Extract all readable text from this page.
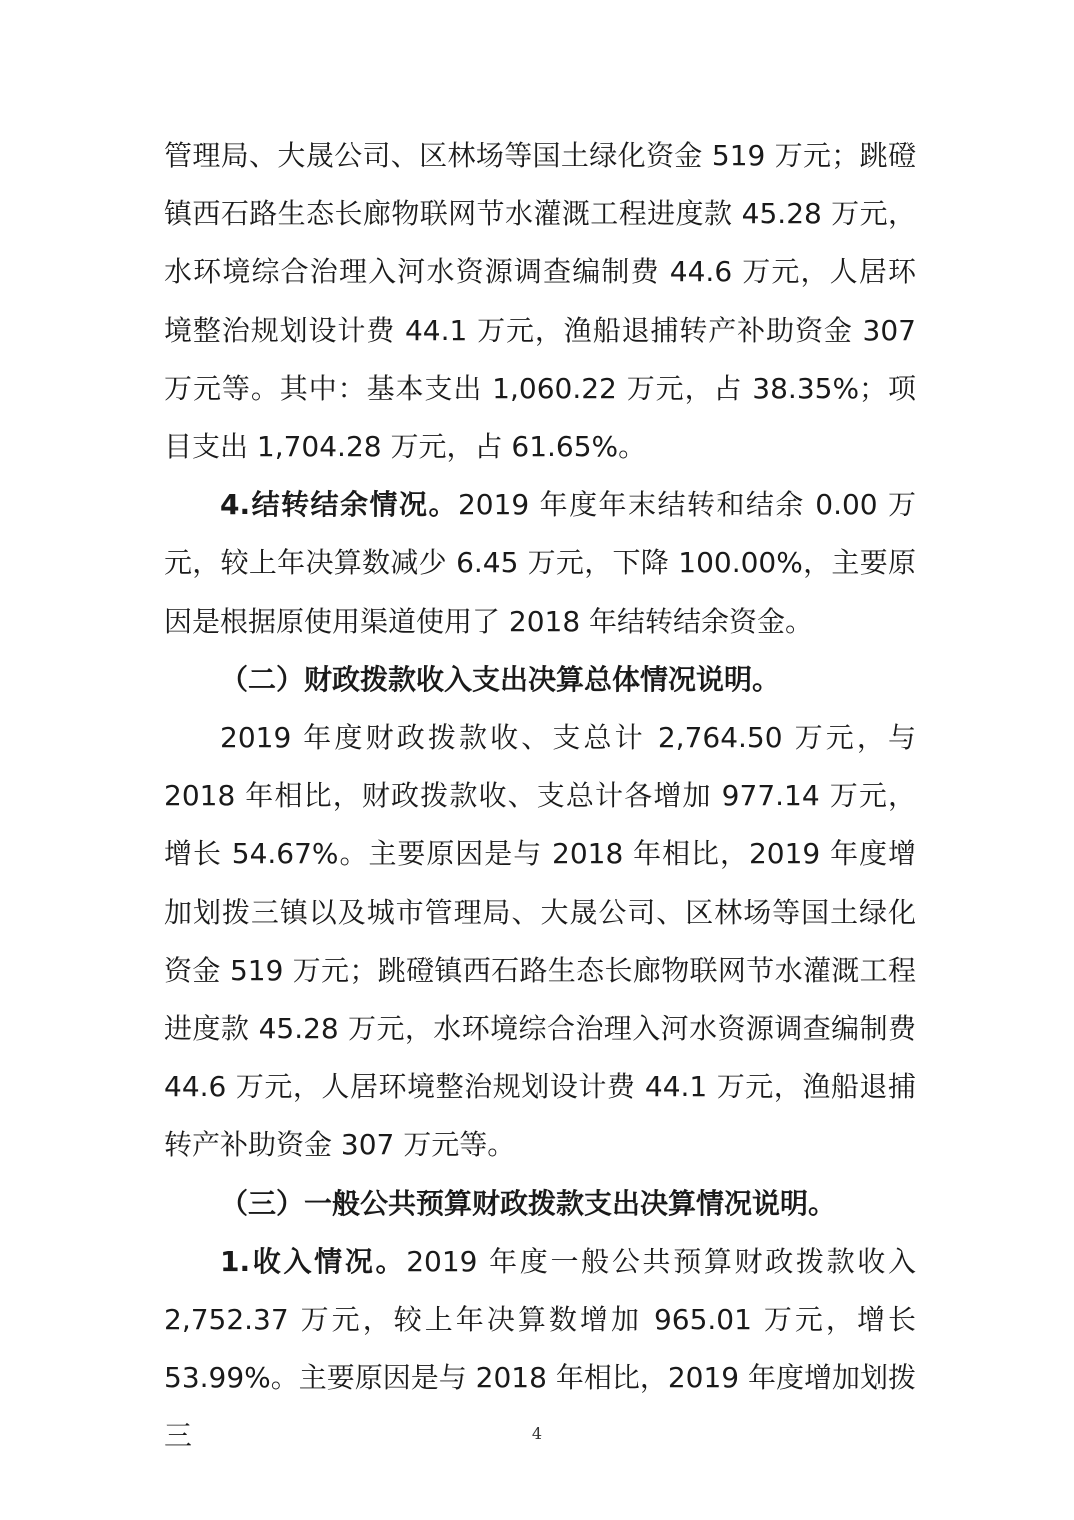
管理局、大晟公司、区林场等国土绿化资金 519 万元；跳磴镇西石路生态长廊物联网节水灌溉工程进度款 45.28 万元，水环境综合治理入河水资源调查编制费 44.6 万元，人居环境整治规划设计费 44.1 万元，渔船退捕转产补助资金 307 万元等。其中：基本支出 1,060.22 万元，占 38.35%；项目支出 1,704.28 万元，占 61.65%。

4.结转结余情况。2019 年度年末结转和结余 0.00 万元，较上年决算数减少 6.45 万元，下降 100.00%，主要原因是根据原使用渠道使用了 2018 年结转结余资金。

（二）财政拨款收入支出决算总体情况说明。

2019 年度财政拨款收、支总计 2,764.50 万元，与 2018 年相比，财政拨款收、支总计各增加 977.14 万元，增长 54.67%。主要原因是与 2018 年相比，2019 年度增加划拨三镇以及城市管理局、大晟公司、区林场等国土绿化资金 519 万元；跳磴镇西石路生态长廊物联网节水灌溉工程进度款 45.28 万元，水环境综合治理入河水资源调查编制费 44.6 万元，人居环境整治规划设计费 44.1 万元，渔船退捕转产补助资金 307 万元等。

（三）一般公共预算财政拨款支出决算情况说明。

1.收入情况。2019 年度一般公共预算财政拨款收入 2,752.37 万元，较上年决算数增加 965.01 万元，增长 53.99%。主要原因是与 2018 年相比，2019 年度增加划拨三	4
